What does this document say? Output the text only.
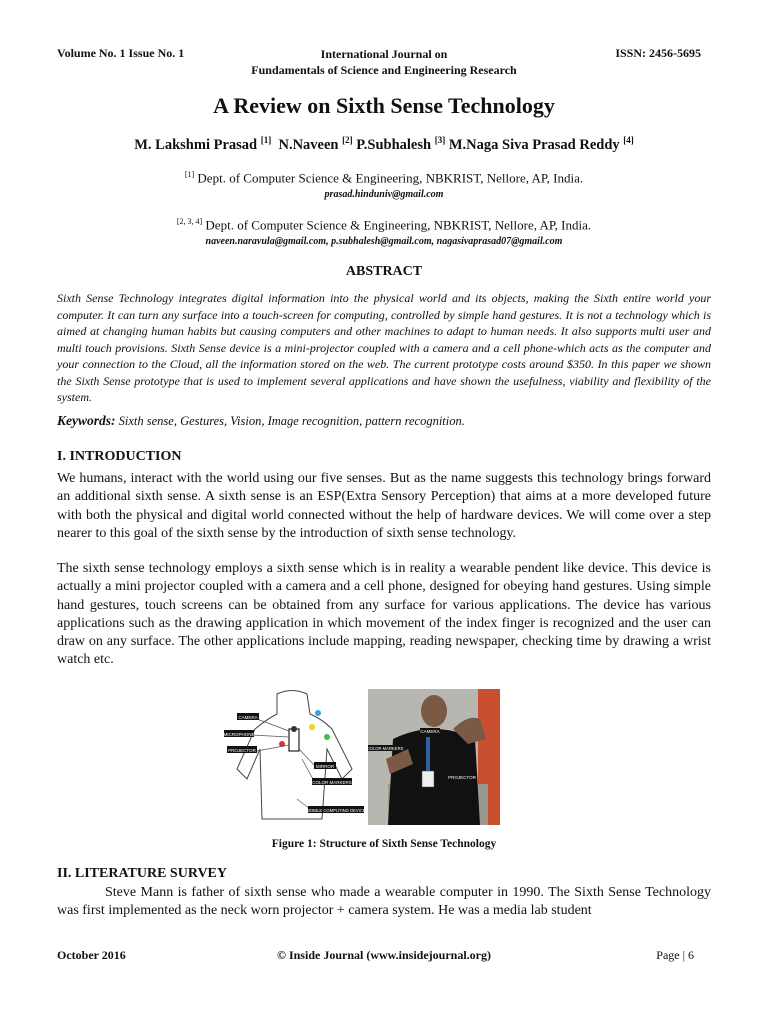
Volume No. 1 Issue No. 1	International Journal on
Fundamentals of Science and Engineering Research
ISSN: 2456-5695
A Review on Sixth Sense Technology
M. Lakshmi Prasad [1] N.Naveen [2] P.Subhalesh [3] M.Naga Siva Prasad Reddy [4]
[1] Dept. of Computer Science & Engineering, NBKRIST, Nellore, AP, India.
prasad.hinduniv@gmail.com
[2, 3, 4] Dept. of Computer Science & Engineering, NBKRIST, Nellore, AP, India.
naveen.naravula@gmail.com, p.subhalesh@gmail.com, nagasivaprasad07@gmail.com
ABSTRACT
Sixth Sense Technology integrates digital information into the physical world and its objects, making the Sixth entire world your computer. It can turn any surface into a touch-screen for computing, controlled by simple hand gestures. It is not a technology which is aimed at changing human habits but causing computers and other machines to adapt to human needs. It also supports multi user and multi touch provisions. Sixth Sense device is a mini-projector coupled with a camera and a cell phone-which acts as the computer and your connection to the Cloud, all the information stored on the web. The current prototype costs around $350. In this paper we shown the Sixth Sense prototype that is used to implement several applications and have shown the usefulness, viability and flexibility of the system.
Keywords: Sixth sense, Gestures, Vision, Image recognition, pattern recognition.
I. INTRODUCTION
We humans, interact with the world using our five senses. But as the name suggests this technology brings forward an additional sixth sense. A sixth sense is an ESP(Extra Sensory Perception) that aims at a more developed future with both the physical and digital world connected without the help of hardware devices. We will come over a step nearer to this goal of the sixth sense by the introduction of sixth sense technology.
The sixth sense technology employs a sixth sense which is in reality a wearable pendent like device. This device is actually a mini projector coupled with a camera and a cell phone, designed for obeying hand gestures. Using simple hand gestures, touch screens can be obtained from any surface for various applications. The device has various applications such as the drawing application in which movement of the index finger is recognized and the user can draw on any surface. The other applications include mapping, reading newspaper, checking time by drawing a wrist watch etc.
CAMERA
MICROPHONE
PROJECTOR
MIRROR
COLOR MARKERS
MOBILE COMPUTING DEVICE
CAMERA
COLOR MARKERS
PROJECTOR
Figure 1: Structure of Sixth Sense Technology
II. LITERATURE SURVEY
Steve Mann is father of sixth sense who made a wearable computer in 1990. The Sixth Sense Technology was first implemented as the neck worn projector + camera system. He was a media lab student
October 2016	© Inside Journal (www.insidejournal.org)	Page | 6
